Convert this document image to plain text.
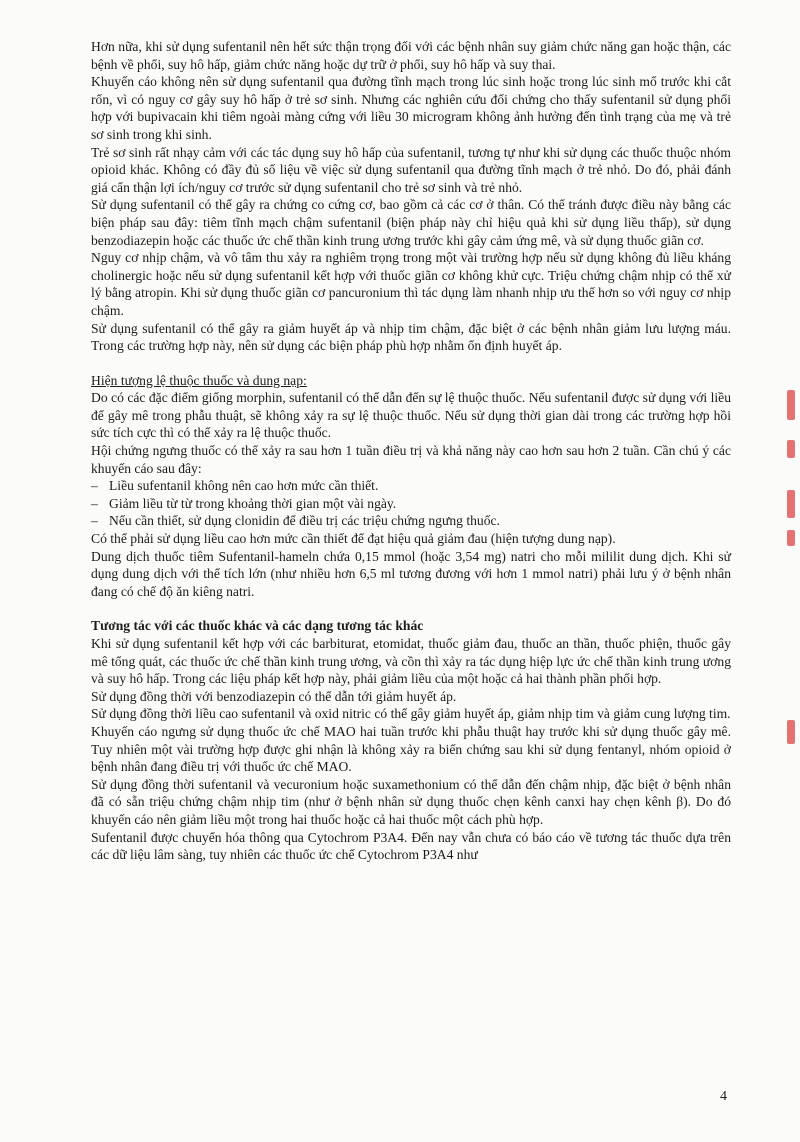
Hơn nữa, khi sử dụng sufentanil nên hết sức thận trọng đối với các bệnh nhân suy giảm chức năng gan hoặc thận, các bệnh về phổi, suy hô hấp, giảm chức năng hoặc dự trữ ở phổi, suy hô hấp và suy thai.

Khuyến cáo không nên sử dụng sufentanil qua đường tĩnh mạch trong lúc sinh hoặc trong lúc sinh mổ trước khi cắt rốn, vì có nguy cơ gây suy hô hấp ở trẻ sơ sinh. Nhưng các nghiên cứu đối chứng cho thấy sufentanil sử dụng phối hợp với bupivacain khi tiêm ngoài màng cứng với liều 30 microgram không ảnh hưởng đến tình trạng của mẹ và trẻ sơ sinh trong khi sinh.

Trẻ sơ sinh rất nhạy cảm với các tác dụng suy hô hấp của sufentanil, tương tự như khi sử dụng các thuốc thuộc nhóm opioid khác. Không có đầy đủ số liệu về việc sử dụng sufentanil qua đường tĩnh mạch ở trẻ nhỏ. Do đó, phải đánh giá cẩn thận lợi ích/nguy cơ trước sử dụng sufentanil cho trẻ sơ sinh và trẻ nhỏ.

Sử dụng sufentanil có thể gây ra chứng co cứng cơ, bao gồm cả các cơ ở thân. Có thể tránh được điều này bằng các biện pháp sau đây: tiêm tĩnh mạch chậm sufentanil (biện pháp này chỉ hiệu quả khi sử dụng liều thấp), sử dụng benzodiazepin hoặc các thuốc ức chế thần kinh trung ương trước khi gây cảm ứng mê, và sử dụng thuốc giãn cơ.

Nguy cơ nhịp chậm, và vô tâm thu xảy ra nghiêm trọng trong một vài trường hợp nếu sử dụng không đủ liều kháng cholinergic hoặc nếu sử dụng sufentanil kết hợp với thuốc giãn cơ không khử cực. Triệu chứng chậm nhịp có thể xử lý bằng atropin. Khi sử dụng thuốc giãn cơ pancuronium thì tác dụng làm nhanh nhịp ưu thế hơn so với nguy cơ nhịp chậm.

Sử dụng sufentanil có thể gây ra giảm huyết áp và nhịp tim chậm, đặc biệt ở các bệnh nhân giảm lưu lượng máu. Trong các trường hợp này, nên sử dụng các biện pháp phù hợp nhằm ổn định huyết áp.

Hiện tượng lệ thuộc thuốc và dung nạp:

Do có các đặc điểm giống morphin, sufentanil có thể dẫn đến sự lệ thuộc thuốc. Nếu sufentanil được sử dụng với liều để gây mê trong phẫu thuật, sẽ không xảy ra sự lệ thuộc thuốc. Nếu sử dụng thời gian dài trong các trường hợp hồi sức tích cực thì có thể xảy ra lệ thuộc thuốc.

Hội chứng ngưng thuốc có thể xảy ra sau hơn 1 tuần điều trị và khả năng này cao hơn sau hơn 2 tuần. Cần chú ý các khuyến cáo sau đây:

– Liều sufentanil không nên cao hơn mức cần thiết.

– Giảm liều từ từ trong khoảng thời gian một vài ngày.

– Nếu cần thiết, sử dụng clonidin để điều trị các triệu chứng ngưng thuốc.

Có thể phải sử dụng liều cao hơn mức cần thiết để đạt hiệu quả giảm đau (hiện tượng dung nạp).

Dung dịch thuốc tiêm Sufentanil-hameln chứa 0,15 mmol (hoặc 3,54 mg) natri cho mỗi mililit dung dịch. Khi sử dụng dung dịch với thể tích lớn (như nhiều hơn 6,5 ml tương đương với hơn 1 mmol natri) phải lưu ý ở bệnh nhân đang có chế độ ăn kiêng natri.

Tương tác với các thuốc khác và các dạng tương tác khác

Khi sử dụng sufentanil kết hợp với các barbiturat, etomidat, thuốc giảm đau, thuốc an thần, thuốc phiện, thuốc gây mê tổng quát, các thuốc ức chế thần kinh trung ương, và cồn thì xảy ra tác dụng hiệp lực ức chế thần kinh trung ương và suy hô hấp. Trong các liệu pháp kết hợp này, phải giảm liều của một hoặc cả hai thành phần phối hợp.

Sử dụng đồng thời với benzodiazepin có thể dẫn tới giảm huyết áp.

Sử dụng đồng thời liều cao sufentanil và oxid nitric có thể gây giảm huyết áp, giảm nhịp tim và giảm cung lượng tim.

Khuyến cáo ngưng sử dụng thuốc ức chế MAO hai tuần trước khi phẫu thuật hay trước khi sử dụng thuốc gây mê. Tuy nhiên một vài trường hợp được ghi nhận là không xảy ra biến chứng sau khi sử dụng fentanyl, nhóm opioid ở bệnh nhân đang điều trị với thuốc ức chế MAO.

Sử dụng đồng thời sufentanil và vecuronium hoặc suxamethonium có thể dẫn đến chậm nhịp, đặc biệt ở bệnh nhân đã có sẵn triệu chứng chậm nhịp tim (như ở bệnh nhân sử dụng thuốc chẹn kênh canxi hay chẹn kênh β). Do đó khuyến cáo nên giảm liều một trong hai thuốc hoặc cả hai thuốc một cách phù hợp.

Sufentanil được chuyển hóa thông qua Cytochrom P3A4. Đến nay vẫn chưa có báo cáo về tương tác thuốc dựa trên các dữ liệu lâm sàng, tuy nhiên các thuốc ức chế Cytochrom P3A4 như

4
